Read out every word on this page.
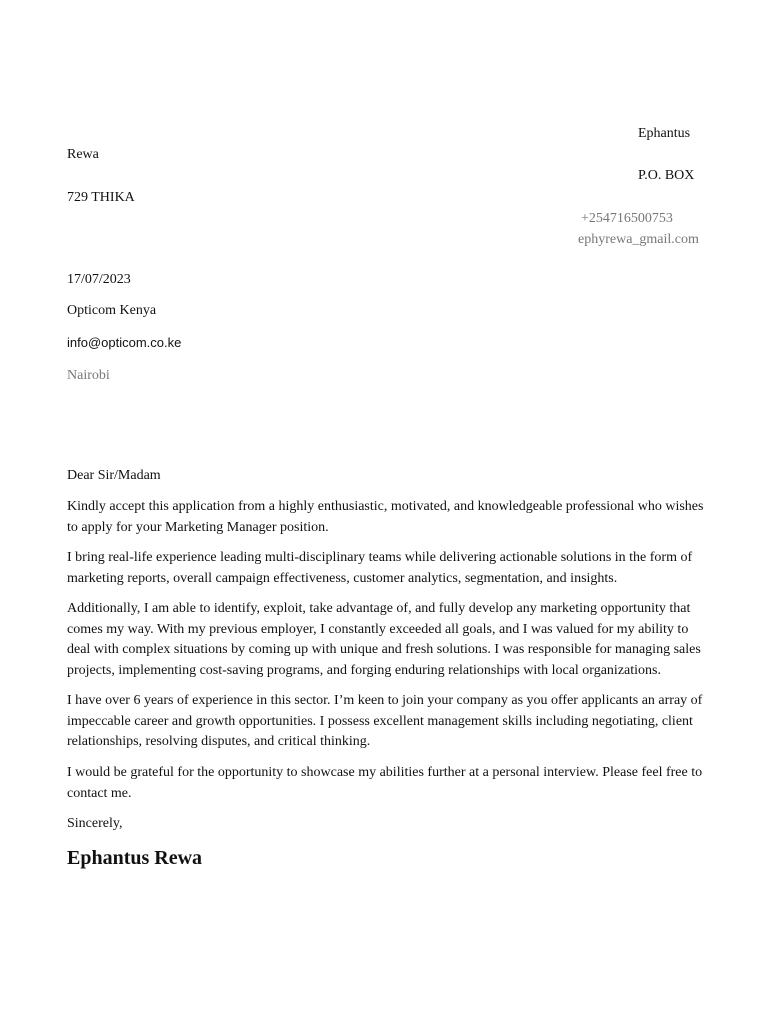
Ephantus
Rewa
P.O. BOX
729 THIKA
+254716500753
ephyrewa_gmail.com
17/07/2023
Opticom Kenya
info@opticom.co.ke
Nairobi
Dear Sir/Madam

Kindly accept this application from a highly enthusiastic, motivated, and knowledgeable professional who wishes to apply for your Marketing Manager position.

I bring real-life experience leading multi-disciplinary teams while delivering actionable solutions in the form of marketing reports, overall campaign effectiveness, customer analytics, segmentation, and insights.

Additionally, I am able to identify, exploit, take advantage of, and fully develop any marketing opportunity that comes my way. With my previous employer, I constantly exceeded all goals, and I was valued for my ability to deal with complex situations by coming up with unique and fresh solutions. I was responsible for managing sales projects, implementing cost-saving programs, and forging enduring relationships with local organizations.

I have over 6 years of experience in this sector. I’m keen to join your company as you offer applicants an array of impeccable career and growth opportunities. I possess excellent management skills including negotiating, client relationships, resolving disputes, and critical thinking.

I would be grateful for the opportunity to showcase my abilities further at a personal interview. Please feel free to contact me.

Sincerely,
Ephantus Rewa
